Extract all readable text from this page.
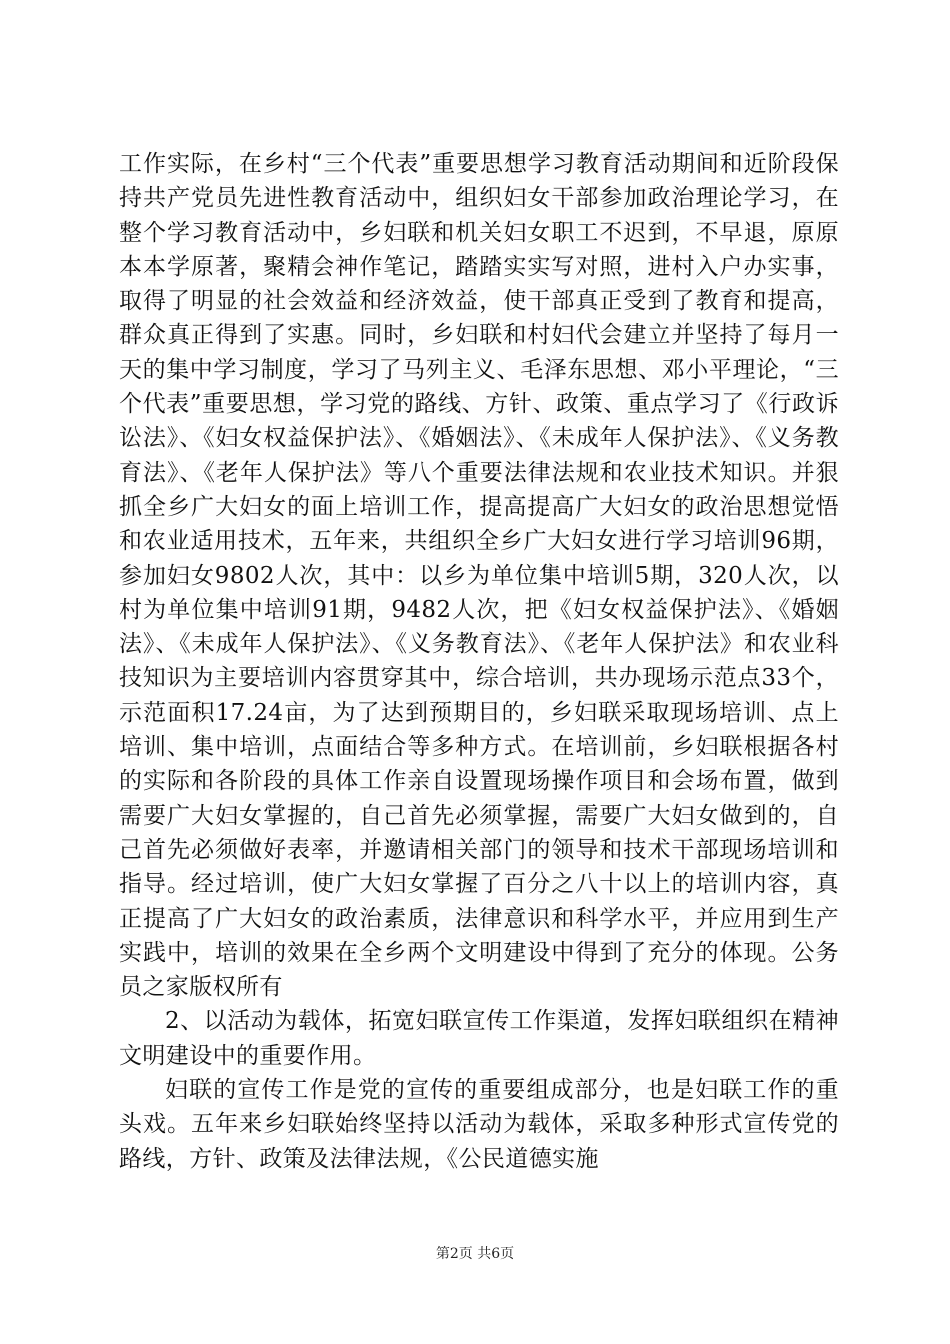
工作实际，在乡村“三个代表”重要思想学习教育活动期间和近阶段保持共产党员先进性教育活动中，组织妇女干部参加政治理论学习，在整个学习教育活动中，乡妇联和机关妇女职工不迟到，不早退，原原本本学原著，聚精会神作笔记，踏踏实实写对照，进村入户办实事，取得了明显的社会效益和经济效益，使干部真正受到了教育和提高，群众真正得到了实惠。同时，乡妇联和村妇代会建立并坚持了每月一天的集中学习制度，学习了马列主义、毛泽东思想、邓小平理论，“三个代表”重要思想，学习党的路线、方针、政策、重点学习了《行政诉讼法》、《妇女权益保护法》、《婚姻法》、《未成年人保护法》、《义务教育法》、《老年人保护法》等八个重要法律法规和农业技术知识。并狠抓全乡广大妇女的面上培训工作，提高提高广大妇女的政治思想觉悟和农业适用技术，五年来，共组织全乡广大妇女进行学习培训96期，参加妇女9802人次，其中：以乡为单位集中培训5期，320人次，以村为单位集中培训91期，9482人次，把《妇女权益保护法》、《婚姻法》、《未成年人保护法》、《义务教育法》、《老年人保护法》和农业科技知识为主要培训内容贯穿其中，综合培训，共办现场示范点33个，示范面积17.24亩，为了达到预期目的，乡妇联采取现场培训、点上培训、集中培训，点面结合等多种方式。在培训前，乡妇联根据各村的实际和各阶段的具体工作亲自设置现场操作项目和会场布置，做到需要广大妇女掌握的，自己首先必须掌握，需要广大妇女做到的，自己首先必须做好表率，并邀请相关部门的领导和技术干部现场培训和指导。经过培训，使广大妇女掌握了百分之八十以上的培训内容，真正提高了广大妇女的政治素质，法律意识和科学水平，并应用到生产实践中，培训的效果在全乡两个文明建设中得到了充分的体现。公务员之家版权所有

2、以活动为载体，拓宽妇联宣传工作渠道，发挥妇联组织在精神文明建设中的重要作用。

妇联的宣传工作是党的宣传的重要组成部分，也是妇联工作的重头戏。五年来乡妇联始终坚持以活动为载体，采取多种形式宣传党的路线，方针、政策及法律法规，《公民道德实施

第2页 共6页
